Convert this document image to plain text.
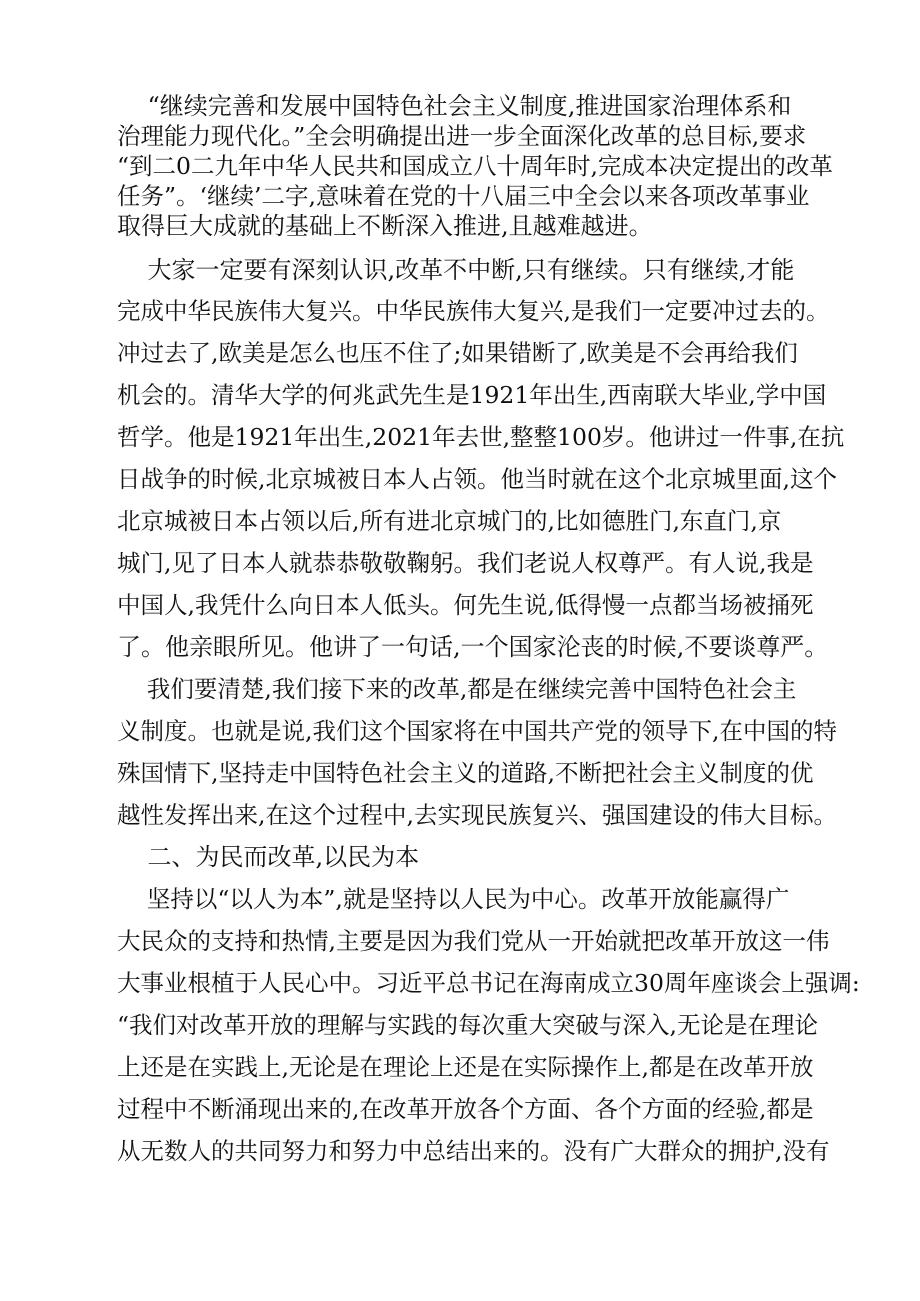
“继续完善和发展中国特色社会主义制度,推进国家治理体系和
治理能力现代化。”全会明确提出进一步全面深化改革的总目标,要求
“到二0二九年中华人民共和国成立八十周年时,完成本决定提出的改革
任务”。‘继续’二字,意味着在党的十八届三中全会以来各项改革事业
取得巨大成就的基础上不断深入推进,且越难越进。
大家一定要有深刻认识,改革不中断,只有继续。只有继续,才能
完成中华民族伟大复兴。中华民族伟大复兴,是我们一定要冲过去的。
冲过去了,欧美是怎么也压不住了;如果错断了,欧美是不会再给我们
机会的。清华大学的何兆武先生是1921年出生,西南联大毕业,学中国
哲学。他是1921年出生,2021年去世,整整100岁。他讲过一件事,在抗
日战争的时候,北京城被日本人占领。他当时就在这个北京城里面,这个
北京城被日本占领以后,所有进北京城门的,比如德胜门,东直门,京
城门,见了日本人就恭恭敬敬鞠躬。我们老说人权尊严。有人说,我是
中国人,我凭什么向日本人低头。何先生说,低得慢一点都当场被捅死
了。他亲眼所见。他讲了一句话,一个国家沦丧的时候,不要谈尊严。
我们要清楚,我们接下来的改革,都是在继续完善中国特色社会主
义制度。也就是说,我们这个国家将在中国共产党的领导下,在中国的特
殊国情下,坚持走中国特色社会主义的道路,不断把社会主义制度的优
越性发挥出来,在这个过程中,去实现民族复兴、强国建设的伟大目标。
二、为民而改革,以民为本
坚持以“以人为本”,就是坚持以人民为中心。改革开放能赢得广
大民众的支持和热情,主要是因为我们党从一开始就把改革开放这一伟
大事业根植于人民心中。习近平总书记在海南成立30周年座谈会上强调:
“我们对改革开放的理解与实践的每次重大突破与深入,无论是在理论
上还是在实践上,无论是在理论上还是在实际操作上,都是在改革开放
过程中不断涌现出来的,在改革开放各个方面、各个方面的经验,都是
从无数人的共同努力和努力中总结出来的。没有广大群众的拥护,没有
